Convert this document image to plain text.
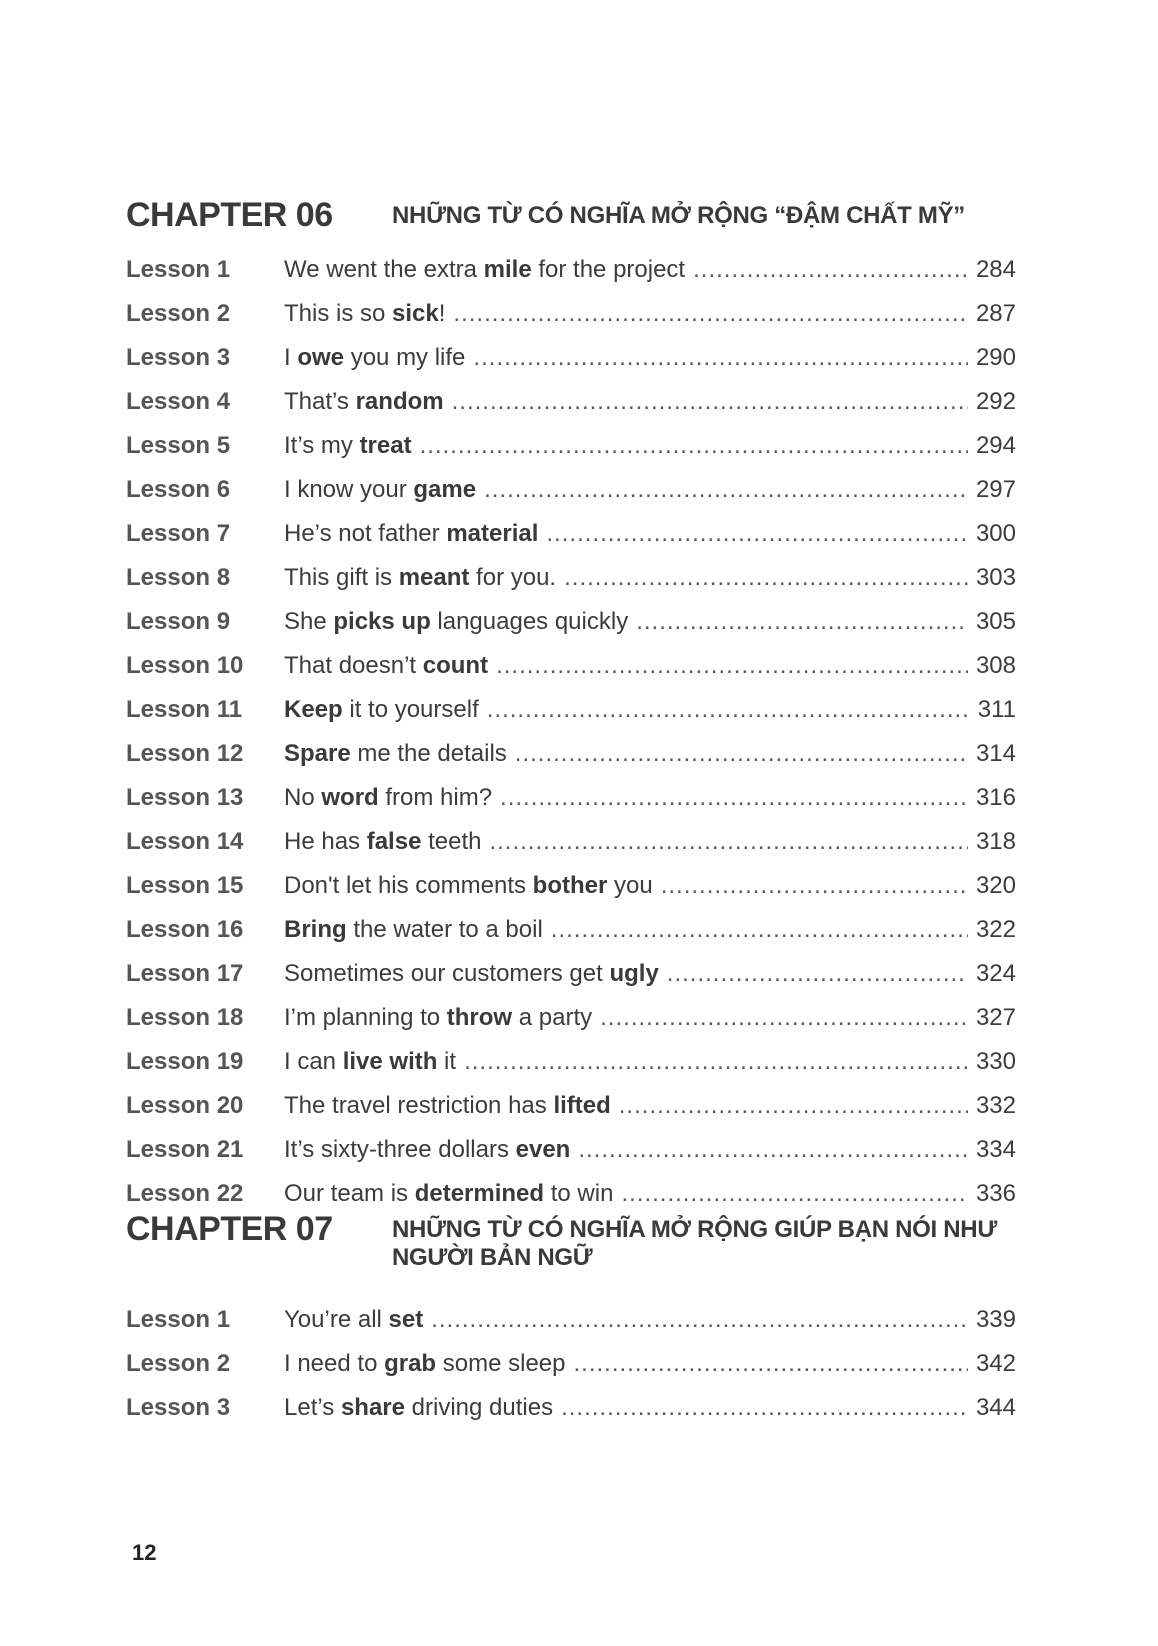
CHAPTER 06 NHỮNG TỪ CÓ NGHĨA MỞ RỘNG “ĐẬM CHẤT MỸ”
Lesson 1 We went the extra mile for the project .....	284
Lesson 2 This is so sick! .....	287
Lesson 3 I owe you my life .....	290
Lesson 4 That’s random .....	292
Lesson 5 It’s my treat .....	294
Lesson 6 I know your game .....	297
Lesson 7 He’s not father material .....	300
Lesson 8 This gift is meant for you. .....	303
Lesson 9 She picks up languages quickly .....	305
Lesson 10 That doesn’t count .....	308
Lesson 11 Keep it to yourself .....	311
Lesson 12 Spare me the details .....	314
Lesson 13 No word from him? .....	316
Lesson 14 He has false teeth .....	318
Lesson 15 Don't let his comments bother you .....	320
Lesson 16 Bring the water to a boil .....	322
Lesson 17 Sometimes our customers get ugly .....	324
Lesson 18 I’m planning to throw a party .....	327
Lesson 19 I can live with it .....	330
Lesson 20 The travel restriction has lifted .....	332
Lesson 21 It’s sixty-three dollars even .....	334
Lesson 22 Our team is determined to win .....	336
CHAPTER 07 NHỮNG TỪ CÓ NGHĨA MỞ RỘNG GIÚP BẠN NÓI NHƯ NGƯỜI BẢN NGỮ
Lesson 1 You’re all set .....	339
Lesson 2 I need to grab some sleep .....	342
Lesson 3 Let’s share driving duties .....	344
12
